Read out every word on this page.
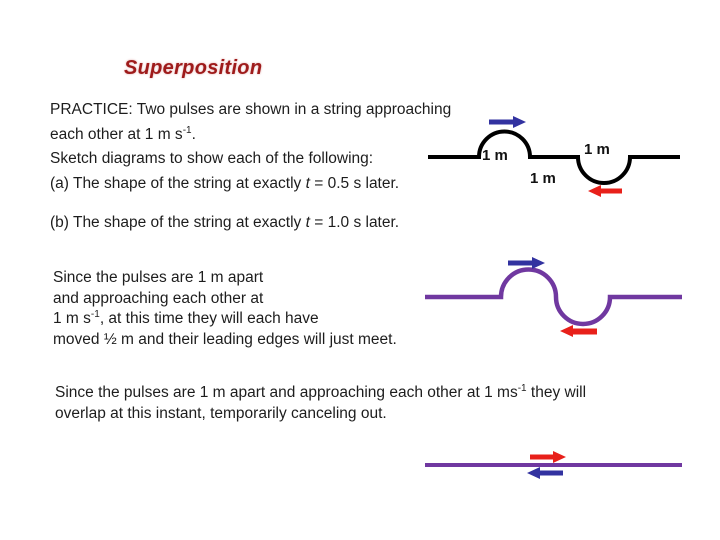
Superposition
PRACTICE: Two pulses are shown in a string approaching
each other at 1 m $s^{-1}$.
Sketch diagrams to show each of the following:
(a) The shape of the string at exactly t = 0.5 s later.
(b) The shape of the string at exactly t = 1.0 s later.
Since the pulses are 1 m apart
and approaching each other at
1 m $s^{-1}$, at this time they will each have
moved ½ m and their leading edges will just meet.
Since the pulses are 1 m apart and approaching each other at 1 $ms^{-1}$ they will
overlap at this instant, temporarily canceling out.
1 m
1 m
1 m
